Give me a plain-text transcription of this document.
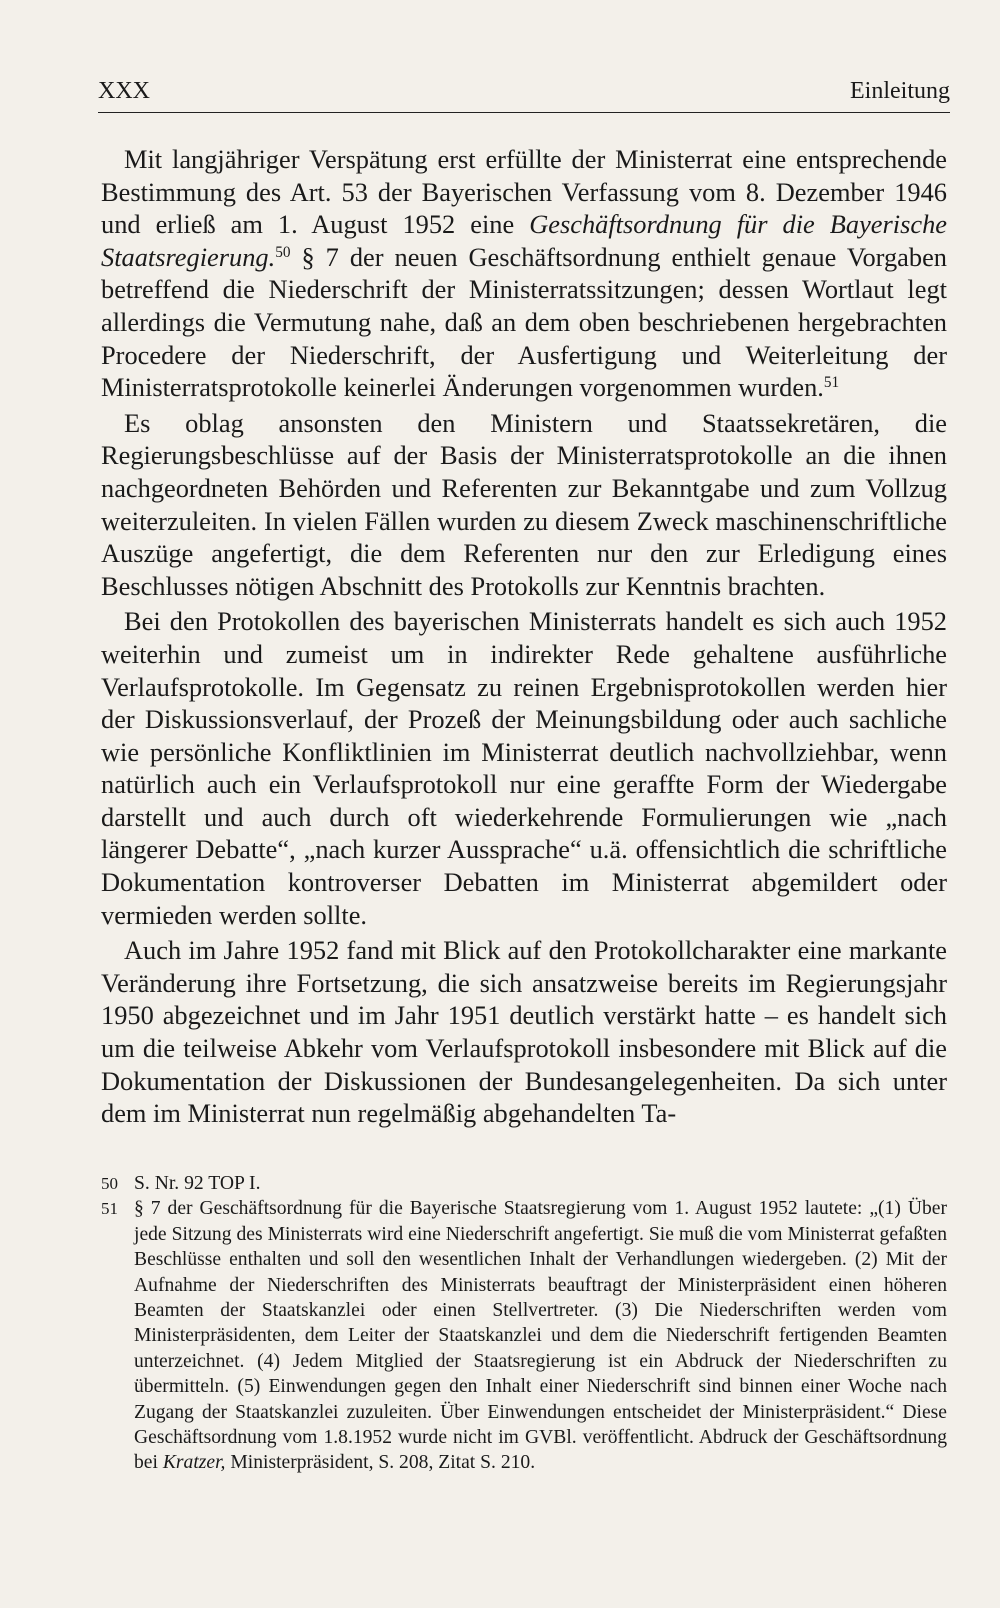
XXX	Einleitung

Mit langjähriger Verspätung erst erfüllte der Ministerrat eine entsprechende Bestimmung des Art. 53 der Bayerischen Verfassung vom 8. Dezember 1946 und erließ am 1. August 1952 eine Geschäftsordnung für die Bayerische Staatsregierung.$^{50}$ § 7 der neuen Geschäftsordnung enthielt genaue Vorgaben betreffend die Niederschrift der Ministerratssitzungen; dessen Wortlaut legt allerdings die Vermutung nahe, daß an dem oben beschriebenen hergebrachten Procedere der Niederschrift, der Ausfertigung und Weiterleitung der Ministerratsprotokolle keinerlei Änderungen vorgenommen wurden.$^{51}$

Es oblag ansonsten den Ministern und Staatssekretären, die Regierungsbeschlüsse auf der Basis der Ministerratsprotokolle an die ihnen nachgeordneten Behörden und Referenten zur Bekanntgabe und zum Vollzug weiterzuleiten. In vielen Fällen wurden zu diesem Zweck maschinenschriftliche Auszüge angefertigt, die dem Referenten nur den zur Erledigung eines Beschlusses nötigen Abschnitt des Protokolls zur Kenntnis brachten.

Bei den Protokollen des bayerischen Ministerrats handelt es sich auch 1952 weiterhin und zumeist um in indirekter Rede gehaltene ausführliche Verlaufsprotokolle. Im Gegensatz zu reinen Ergebnisprotokollen werden hier der Diskussionsverlauf, der Prozeß der Meinungsbildung oder auch sachliche wie persönliche Konfliktlinien im Ministerrat deutlich nachvollziehbar, wenn natürlich auch ein Verlaufsprotokoll nur eine geraffte Form der Wiedergabe darstellt und auch durch oft wiederkehrende Formulierungen wie „nach längerer Debatte“, „nach kurzer Aussprache“ u.ä. offensichtlich die schriftliche Dokumentation kontroverser Debatten im Ministerrat abgemildert oder vermieden werden sollte.

Auch im Jahre 1952 fand mit Blick auf den Protokollcharakter eine markante Veränderung ihre Fortsetzung, die sich ansatzweise bereits im Regierungsjahr 1950 abgezeichnet und im Jahr 1951 deutlich verstärkt hatte – es handelt sich um die teilweise Abkehr vom Verlaufsprotokoll insbesondere mit Blick auf die Dokumentation der Diskussionen der Bundesangelegenheiten. Da sich unter dem im Ministerrat nun regelmäßig abgehandelten Ta-

50 S. Nr. 92 TOP I.
51 § 7 der Geschäftsordnung für die Bayerische Staatsregierung vom 1. August 1952 lautete: „(1) Über jede Sitzung des Ministerrats wird eine Niederschrift angefertigt. Sie muß die vom Ministerrat gefaßten Beschlüsse enthalten und soll den wesentlichen Inhalt der Verhandlungen wiedergeben. (2) Mit der Aufnahme der Niederschriften des Ministerrats beauftragt der Ministerpräsident einen höheren Beamten der Staatskanzlei oder einen Stellvertreter. (3) Die Niederschriften werden vom Ministerpräsidenten, dem Leiter der Staatskanzlei und dem die Niederschrift fertigenden Beamten unterzeichnet. (4) Jedem Mitglied der Staatsregierung ist ein Abdruck der Niederschriften zu übermitteln. (5) Einwendungen gegen den Inhalt einer Niederschrift sind binnen einer Woche nach Zugang der Staatskanzlei zuzuleiten. Über Einwendungen entscheidet der Ministerpräsident.“ Diese Geschäftsordnung vom 1.8.1952 wurde nicht im GVBl. veröffentlicht. Abdruck der Geschäftsordnung bei Kratzer, Ministerpräsident, S. 208, Zitat S. 210.
